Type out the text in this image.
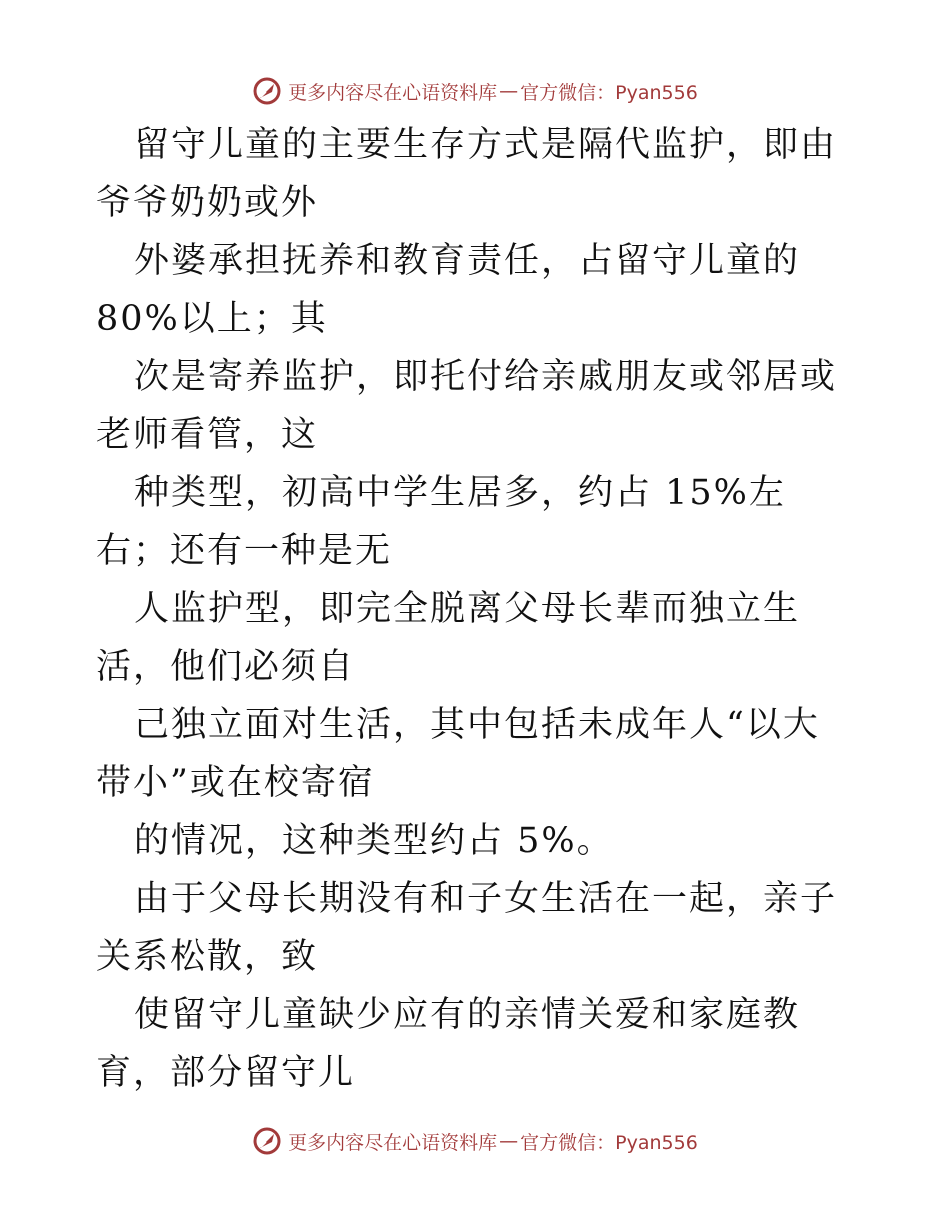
更多内容尽在心语资料库 — 官方微信：Pyan556

留守儿童的主要生存方式是隔代监护，即由爷爷奶奶或外

外婆承担抚养和教育责任，占留守儿童的 80%以上；其

次是寄养监护，即托付给亲戚朋友或邻居或老师看管，这

种类型，初高中学生居多，约占 15%左右；还有一种是无

人监护型，即完全脱离父母长辈而独立生活，他们必须自

己独立面对生活，其中包括未成年人“以大带小”或在校寄宿

的情况，这种类型约占 5%。

由于父母长期没有和子女生活在一起，亲子关系松散，致

使留守儿童缺少应有的亲情关爱和家庭教育，部分留守儿

更多内容尽在心语资料库 — 官方微信：Pyan556
